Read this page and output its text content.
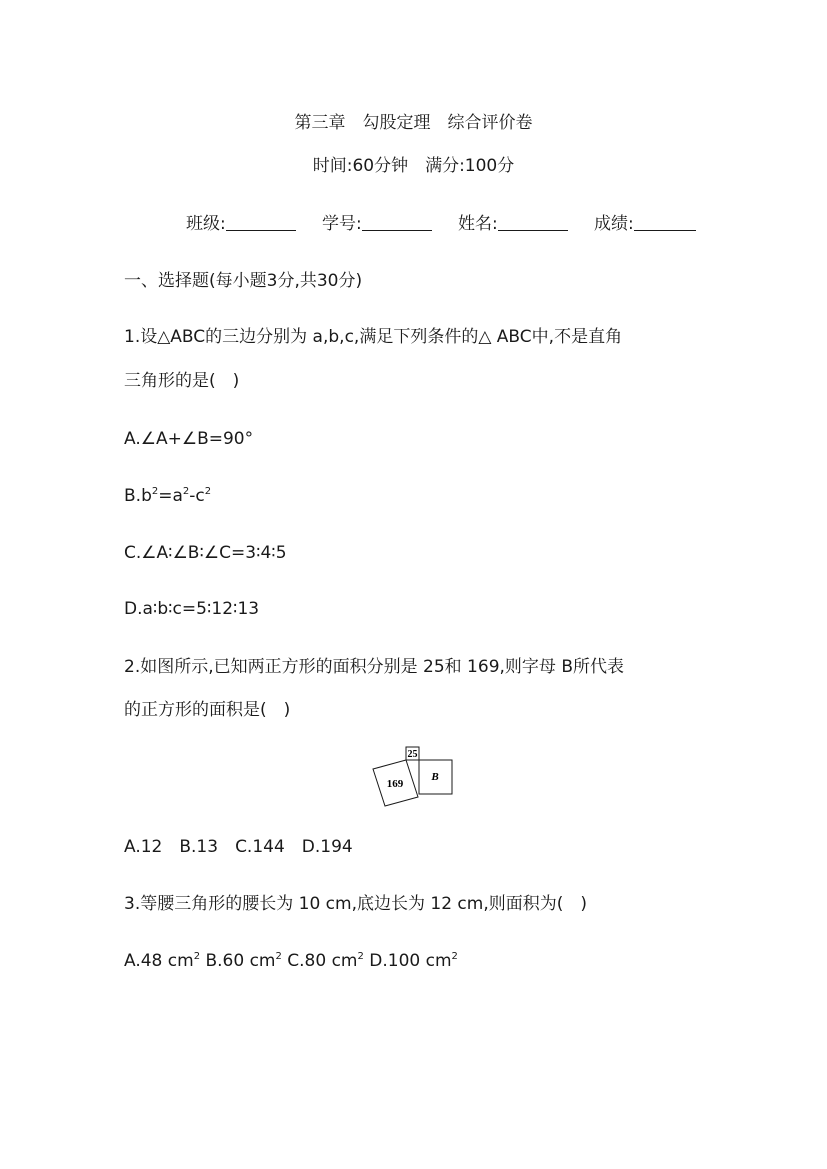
第三章　勾股定理　综合评价卷
时间:60分钟　满分:100分
班级:	学号:	姓名:	成绩:
一、选择题(每小题3分,共30分)
1.设△ABC的三边分别为 a,b,c,满足下列条件的△ ABC中,不是直角
三角形的是(　)
A.∠A+∠B=90°
$B.b^2=a^2-c^2$
C.∠A∶∠B∶∠C=3∶4∶5
D.a∶b∶c=5∶12∶13
2.如图所示,已知两正方形的面积分别是 25和 169,则字母 B所代表
的正方形的面积是(　)
25
169
B
A.12　B.13　C.144　D.194
3.等腰三角形的腰长为 10 cm,底边长为 12 cm,则面积为(　)
A.48 $cm^2$ B.60 $cm^2$ C.80 $cm^2$ D.100 $cm^2$
